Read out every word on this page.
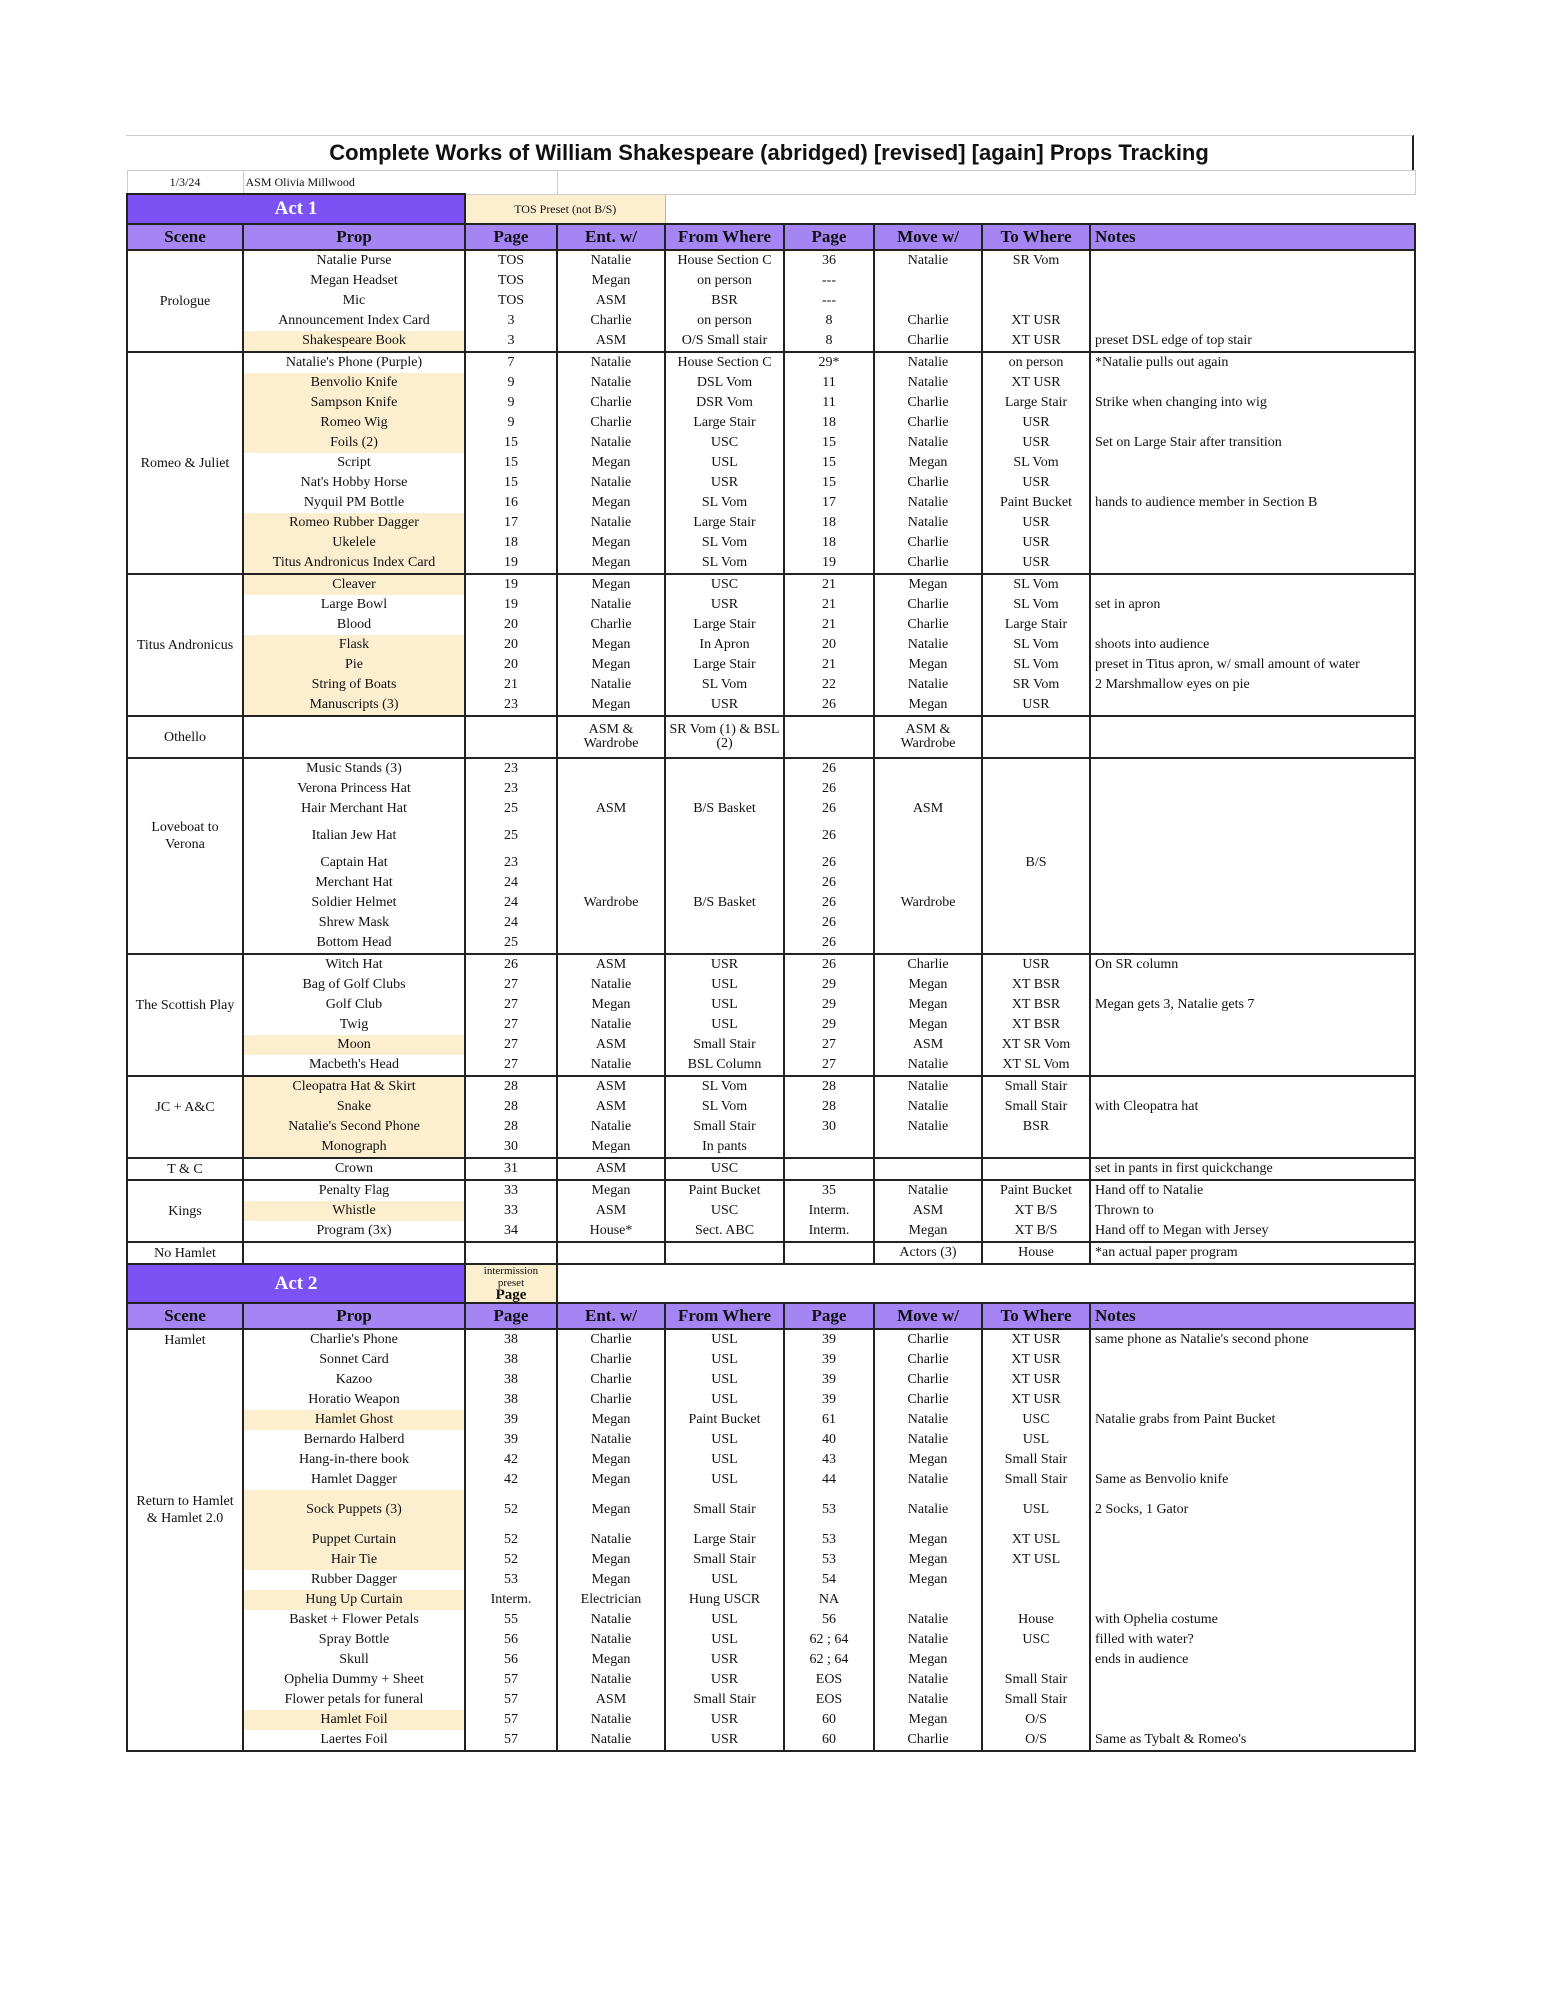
Complete Works of William Shakespeare (abridged) [revised] [again] Props Tracking
1/3/24	ASM Olivia Millwood							
Act 1		TOS Preset (not B/S)						
Scene	Prop	Page	Ent. w/	From Where	Page	Move w/	To Where	Notes
	Natalie Purse	TOS	Natalie	House Section C	36	Natalie	SR Vom	
	Megan Headset	TOS	Megan	on person	---			
Prologue	Mic	TOS	ASM	BSR	---			
	Announcement Index Card	3	Charlie	on person	8	Charlie	XT USR	
	Shakespeare Book	3	ASM	O/S Small stair	8	Charlie	XT USR	preset DSL edge of top stair
	Natalie's Phone (Purple)	7	Natalie	House Section C	29*	Natalie	on person	*Natalie pulls out again
	Benvolio Knife	9	Natalie	DSL Vom	11	Natalie	XT USR	
	Sampson Knife	9	Charlie	DSR Vom	11	Charlie	Large Stair	Strike when changing into wig
	Romeo Wig	9	Charlie	Large Stair	18	Charlie	USR	
	Foils (2)	15	Natalie	USC	15	Natalie	USR	Set on Large Stair after transition
Romeo & Juliet	Script	15	Megan	USL	15	Megan	SL Vom	
	Nat's Hobby Horse	15	Natalie	USR	15	Charlie	USR	
	Nyquil PM Bottle	16	Megan	SL Vom	17	Natalie	Paint Bucket	hands to audience member in Section B
	Romeo Rubber Dagger	17	Natalie	Large Stair	18	Natalie	USR	
	Ukelele	18	Megan	SL Vom	18	Charlie	USR	
	Titus Andronicus Index Card	19	Megan	SL Vom	19	Charlie	USR	
	Cleaver	19	Megan	USC	21	Megan	SL Vom	
	Large Bowl	19	Natalie	USR	21	Charlie	SL Vom	set in apron
	Blood	20	Charlie	Large Stair	21	Charlie	Large Stair	
Titus Andronicus	Flask	20	Megan	In Apron	20	Natalie	SL Vom	shoots into audience
	Pie	20	Megan	Large Stair	21	Megan	SL Vom	preset in Titus apron, w/ small amount of water
	String of Boats	21	Natalie	SL Vom	22	Natalie	SR Vom	2 Marshmallow eyes on pie
	Manuscripts (3)	23	Megan	USR	26	Megan	USR	
Othello			ASM & Wardrobe	SR Vom (1) & BSL (2)		ASM & Wardrobe		
	Music Stands (3)	23			26			
	Verona Princess Hat	23			26			
	Hair Merchant Hat	25	ASM	B/S Basket	26	ASM		
Loveboat to Verona	Italian Jew Hat	25			26			
	Captain Hat	23			26		B/S	
	Merchant Hat	24			26			
	Soldier Helmet	24	Wardrobe	B/S Basket	26	Wardrobe		
	Shrew Mask	24			26			
	Bottom Head	25			26			
	Witch Hat	26	ASM	USR	26	Charlie	USR	On SR column
	Bag of Golf Clubs	27	Natalie	USL	29	Megan	XT BSR	
The Scottish Play	Golf Club	27	Megan	USL	29	Megan	XT BSR	Megan gets 3, Natalie gets 7
	Twig	27	Natalie	USL	29	Megan	XT BSR	
	Moon	27	ASM	Small Stair	27	ASM	XT SR Vom	
	Macbeth's Head	27	Natalie	BSL Column	27	Natalie	XT SL Vom	
	Cleopatra Hat & Skirt	28	ASM	SL Vom	28	Natalie	Small Stair	
JC + A&C	Snake	28	ASM	SL Vom	28	Natalie	Small Stair	with Cleopatra hat
	Natalie's Second Phone	28	Natalie	Small Stair	30	Natalie	BSR	
	Monograph	30	Megan	In pants				
T & C	Crown	31	ASM	USC				set in pants in first quickchange
	Penalty Flag	33	Megan	Paint Bucket	35	Natalie	Paint Bucket	Hand off to Natalie
Kings	Whistle	33	ASM	USC	Interm.	ASM	XT B/S	Thrown to
	Program (3x)	34	House*	Sect. ABC	Interm.	Megan	XT B/S	Hand off to Megan with Jersey
No Hamlet						Actors (3)	House	*an actual paper program
Act 2		intermission
preset
Page						
Scene	Prop	Page	Ent. w/	From Where	Page	Move w/	To Where	Notes
Hamlet	Charlie's Phone	38	Charlie	USL	39	Charlie	XT USR	same phone as Natalie's second phone
	Sonnet Card	38	Charlie	USL	39	Charlie	XT USR	
	Kazoo	38	Charlie	USL	39	Charlie	XT USR	
	Horatio Weapon	38	Charlie	USL	39	Charlie	XT USR	
	Hamlet Ghost	39	Megan	Paint Bucket	61	Natalie	USC	Natalie grabs from Paint Bucket
	Bernardo Halberd	39	Natalie	USL	40	Natalie	USL	
	Hang-in-there book	42	Megan	USL	43	Megan	Small Stair	
	Hamlet Dagger	42	Megan	USL	44	Natalie	Small Stair	Same as Benvolio knife
Return to Hamlet & Hamlet 2.0	Sock Puppets (3)	52	Megan	Small Stair	53	Natalie	USL	2 Socks, 1 Gator
	Puppet Curtain	52	Natalie	Large Stair	53	Megan	XT USL	
	Hair Tie	52	Megan	Small Stair	53	Megan	XT USL	
	Rubber Dagger	53	Megan	USL	54	Megan		
	Hung Up Curtain	Interm.	Electrician	Hung USCR	NA			
	Basket + Flower Petals	55	Natalie	USL	56	Natalie	House	with Ophelia costume
	Spray Bottle	56	Natalie	USL	62 ; 64	Natalie	USC	filled with water?
	Skull	56	Megan	USR	62 ; 64	Megan		ends in audience
	Ophelia Dummy + Sheet	57	Natalie	USR	EOS	Natalie	Small Stair	
	Flower petals for funeral	57	ASM	Small Stair	EOS	Natalie	Small Stair	
	Hamlet Foil	57	Natalie	USR	60	Megan	O/S	
	Laertes Foil	57	Natalie	USR	60	Charlie	O/S	Same as Tybalt & Romeo's
